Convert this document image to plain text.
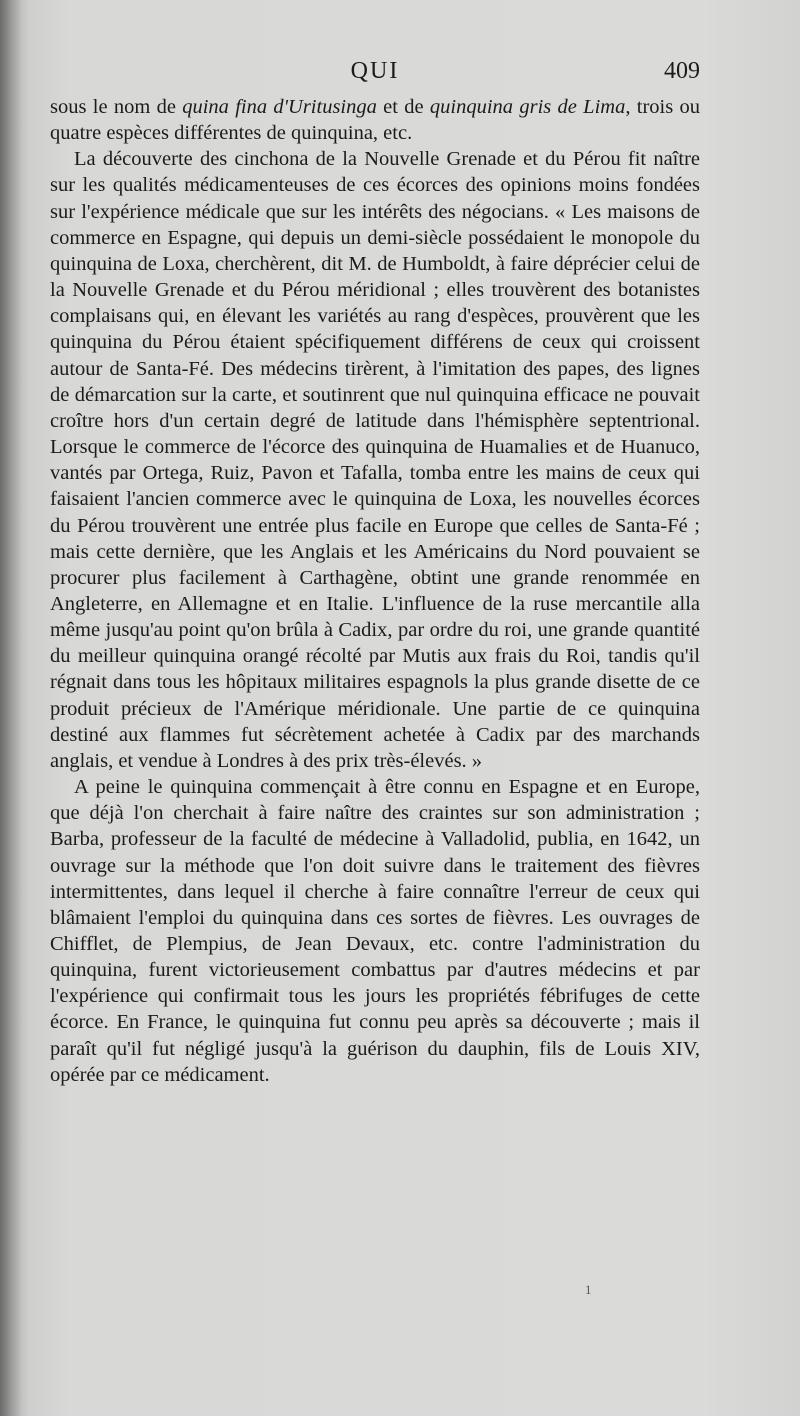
QUI	409

sous le nom de quina fina d'Uritusinga et de quinquina gris de Lima, trois ou quatre espèces différentes de quinquina, etc.

La découverte des cinchona de la Nouvelle Grenade et du Pérou fit naître sur les qualités médicamenteuses de ces écorces des opinions moins fondées sur l'expérience médicale que sur les intérêts des négocians. « Les maisons de commerce en Espagne, qui depuis un demi-siècle possédaient le monopole du quinquina de Loxa, cherchèrent, dit M. de Humboldt, à faire déprécier celui de la Nouvelle Grenade et du Pérou méridional ; elles trouvèrent des botanistes complaisans qui, en élevant les variétés au rang d'espèces, prouvèrent que les quinquina du Pérou étaient spécifiquement différens de ceux qui croissent autour de Santa-Fé. Des médecins tirèrent, à l'imitation des papes, des lignes de démarcation sur la carte, et soutinrent que nul quinquina efficace ne pouvait croître hors d'un certain degré de latitude dans l'hémisphère septentrional. Lorsque le commerce de l'écorce des quinquina de Huamalies et de Huanuco, vantés par Ortega, Ruiz, Pavon et Tafalla, tomba entre les mains de ceux qui faisaient l'ancien commerce avec le quinquina de Loxa, les nouvelles écorces du Pérou trouvèrent une entrée plus facile en Europe que celles de Santa-Fé ; mais cette dernière, que les Anglais et les Américains du Nord pouvaient se procurer plus facilement à Carthagène, obtint une grande renommée en Angleterre, en Allemagne et en Italie. L'influence de la ruse mercantile alla même jusqu'au point qu'on brûla à Cadix, par ordre du roi, une grande quantité du meilleur quinquina orangé récolté par Mutis aux frais du Roi, tandis qu'il régnait dans tous les hôpitaux militaires espagnols la plus grande disette de ce produit précieux de l'Amérique méridionale. Une partie de ce quinquina destiné aux flammes fut sécrètement achetée à Cadix par des marchands anglais, et vendue à Londres à des prix très-élevés. »

A peine le quinquina commençait à être connu en Espagne et en Europe, que déjà l'on cherchait à faire naître des craintes sur son administration ; Barba, professeur de la faculté de médecine à Valladolid, publia, en 1642, un ouvrage sur la méthode que l'on doit suivre dans le traitement des fièvres intermittentes, dans lequel il cherche à faire connaître l'erreur de ceux qui blâmaient l'emploi du quinquina dans ces sortes de fièvres. Les ouvrages de Chifflet, de Plempius, de Jean Devaux, etc. contre l'administration du quinquina, furent victorieusement combattus par d'autres médecins et par l'expérience qui confirmait tous les jours les propriétés fébrifuges de cette écorce. En France, le quinquina fut connu peu après sa découverte ; mais il paraît qu'il fut négligé jusqu'à la guérison du dauphin, fils de Louis XIV, opérée par ce médicament.

1
